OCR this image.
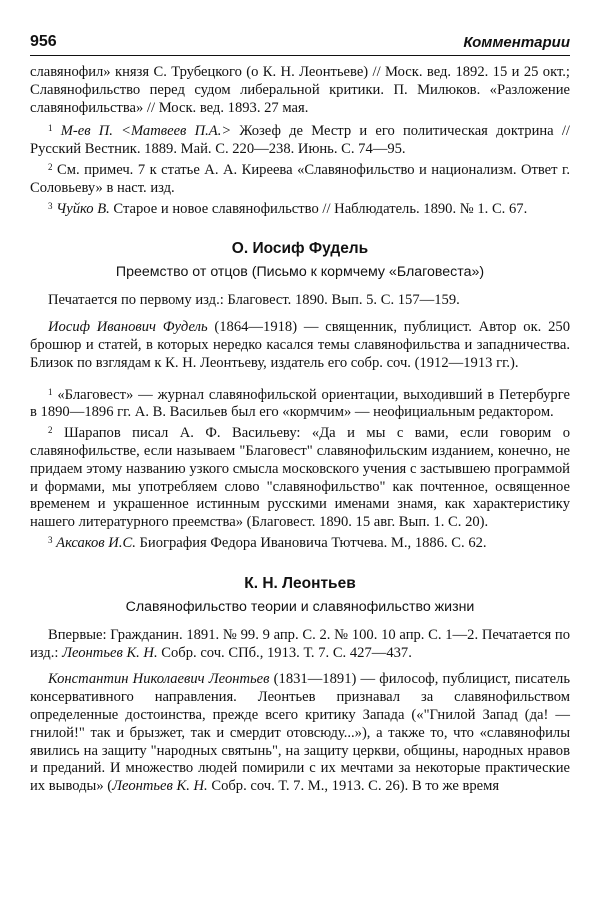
956	Комментарии

славянофил» князя С. Трубецкого (о К. Н. Леонтьеве) // Моск. вед. 1892. 15 и 25 окт.; Славянофильство перед судом либеральной критики. П. Милюков. «Разложение славянофильства» // Моск. вед. 1893. 27 мая.

$^1$ М-ев П. <Матвеев П.А.> Жозеф де Местр и его политическая доктрина // Русский Вестник. 1889. Май. С. 220—238. Июнь. С. 74—95.

$^2$ См. примеч. 7 к статье А. А. Киреева «Славянофильство и национализм. Ответ г. Соловьеву» в наст. изд.

$^3$ Чуйко В. Старое и новое славянофильство // Наблюдатель. 1890. № 1. С. 67.

О. Иосиф Фудель
Преемство от отцов (Письмо к кормчему «Благовеста»)

Печатается по первому изд.: Благовест. 1890. Вып. 5. С. 157—159.

Иосиф Иванович Фудель (1864—1918) — священник, публицист. Автор ок. 250 брошюр и статей, в которых нередко касался темы славянофильства и западничества. Близок по взглядам к К. Н. Леонтьеву, издатель его собр. соч. (1912—1913 гг.).

$^1$ «Благовест» — журнал славянофильской ориентации, выходивший в Петербурге в 1890—1896 гг. А. В. Васильев был его «кормчим» — неофициальным редактором.

$^2$ Шарапов писал А. Ф. Васильеву: «Да и мы с вами, если говорим о славянофильстве, если называем "Благовест" славянофильским изданием, конечно, не придаем этому названию узкого смысла московского учения с застывшею программой и формами, мы употребляем слово "славянофильство" как почтенное, освященное временем и украшенное истинным русскими именами знамя, как характеристику нашего литературного преемства» (Благовест. 1890. 15 авг. Вып. 1. С. 20).

$^3$ Аксаков И.С. Биография Федора Ивановича Тютчева. М., 1886. С. 62.

К. Н. Леонтьев
Славянофильство теории и славянофильство жизни

Впервые: Гражданин. 1891. № 99. 9 апр. С. 2. № 100. 10 апр. С. 1—2. Печатается по изд.: Леонтьев К. Н. Собр. соч. СПб., 1913. Т. 7. С. 427—437.

Константин Николаевич Леонтьев (1831—1891) — философ, публицист, писатель консервативного направления. Леонтьев признавал за славянофильством определенные достоинства, прежде всего критику Запада («"Гнилой Запад (да! — гнилой!" так и брызжет, так и смердит отовсюду...»), а также то, что «славянофилы явились на защиту "народных святынь", на защиту церкви, общины, народных нравов и преданий. И множество людей помирили с их мечтами за некоторые практические их выводы» (Леонтьев К. Н. Собр. соч. Т. 7. М., 1913. С. 26). В то же время
